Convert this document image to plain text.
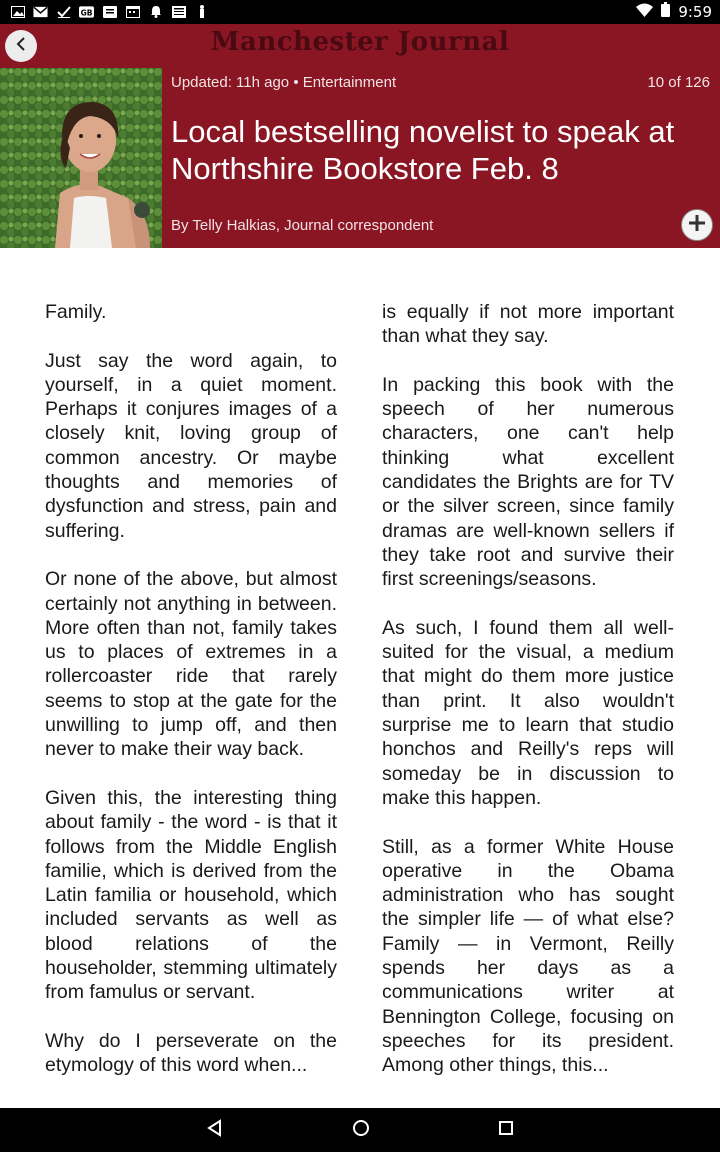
GB	9:59
Manchester Journal
Updated: 11h ago • Entertainment	10 of 126
Local bestselling novelist to speak at Northshire Bookstore Feb. 8
By Telly Halkias, Journal correspondent

Family.

Just say the word again, to yourself, in a quiet moment. Perhaps it conjures images of a closely knit, loving group of common ancestry. Or maybe thoughts and memories of dysfunction and stress, pain and suffering.

Or none of the above, but almost certainly not anything in between. More often than not, family takes us to places of extremes in a rollercoaster ride that rarely seems to stop at the gate for the unwilling to jump off, and then never to make their way back.

Given this, the interesting thing about family - the word - is that it follows from the Middle English familie, which is derived from the Latin familia or household, which included servants as well as blood relations of the householder, stemming ultimately from famulus or servant.

Why do I perseverate on the etymology of this word when...

is equally if not more important than what they say.

In packing this book with the speech of her numerous characters, one can't help thinking what excellent candidates the Brights are for TV or the silver screen, since family dramas are well-known sellers if they take root and survive their first screenings/seasons.

As such, I found them all well-suited for the visual, a medium that might do them more justice than print. It also wouldn't surprise me to learn that studio honchos and Reilly's reps will someday be in discussion to make this happen.

Still, as a former White House operative in the Obama administration who has sought the simpler life — of what else? Family — in Vermont, Reilly spends her days as a communications writer at Bennington College, focusing on speeches for its president. Among other things, this...
